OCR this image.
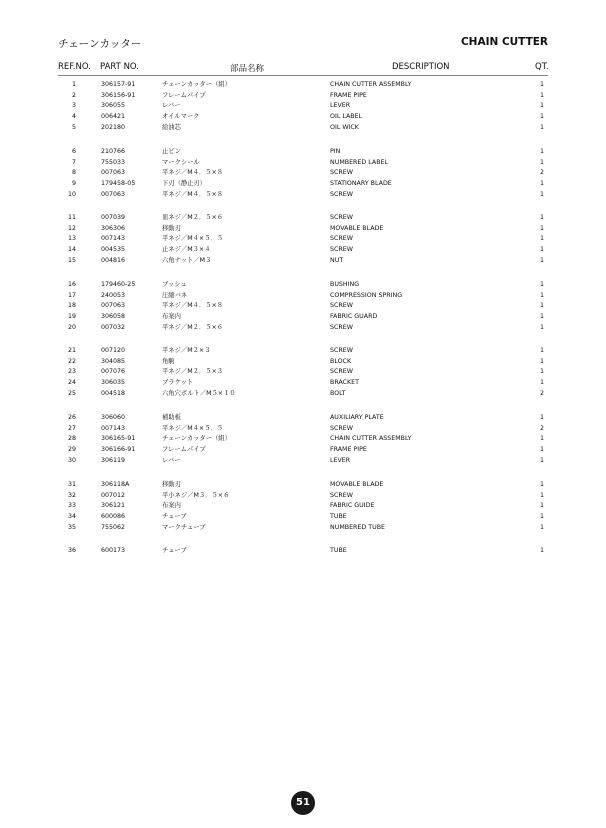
チェーンカッター	CHAIN CUTTER
REF.NO. PART NO.	部品名称	DESCRIPTION	QT.
1	306157-91	チェーンカッター（組）	CHAIN CUTTER ASSEMBLY	1
2	306156-91	フレームパイプ	FRAME PIPE	1
3	306055	レバー	LEVER	1
4	006421	オイルマーク	OIL LABEL	1
5	202180	給油芯	OIL WICK	1
6	210766	止ピン	PIN	1
7	755033	マークシール	NUMBERED LABEL	1
8	007063	平ネジ／M４．５×８	SCREW	2
9	179458-05	下刃（静止刃）	STATIONARY BLADE	1
10	007063	平ネジ／M４．５×８	SCREW	1
11	007039	皿ネジ／M２．５×６	SCREW	1
12	306306	移動刃	MOVABLE BLADE	1
13	007143	平ネジ／M４×５．５	SCREW	1
14	004535	止ネジ／M３×４	SCREW	1
15	004816	六角ナット／M３	NUT	1
16	179460-25	ブッシュ	BUSHING	1
17	240053	圧縮バネ	COMPRESSION SPRING	1
18	007063	平ネジ／M４．５×８	SCREW	1
19	306058	布案内	FABRIC GUARD	1
20	007032	平ネジ／M２．５×６	SCREW	1
21	007120	平ネジ／M２×３	SCREW	1
22	304085	角駒	BLOCK	1
23	007076	平ネジ／M２．５×３	SCREW	1
24	306035	ブラケット	BRACKET	1
25	004518	六角穴ボルト／M５×１０	BOLT	2
26	306060	補助板	AUXILIARY PLATE	1
27	007143	平ネジ／M４×５．５	SCREW	2
28	306165-91	チェーンカッター（組）	CHAIN CUTTER ASSEMBLY	1
29	306166-91	フレームパイプ	FRAME PIPE	1
30	306119	レバー	LEVER	1
31	306118A	移動刃	MOVABLE BLADE	1
32	007012	平小ネジ／M３．５×６	SCREW	1
33	306121	布案内	FABRIC GUIDE	1
34	600086	チューブ	TUBE	1
35	755062	マークチューブ	NUMBERED TUBE	1
36	600173	チューブ	TUBE	1
51
